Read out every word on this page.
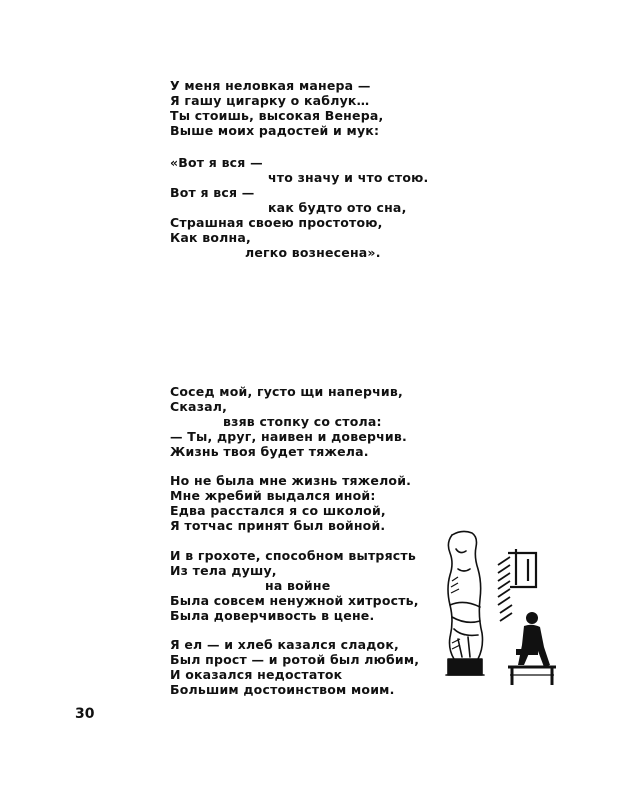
У меня неловкая манера —
Я гашу цигарку о каблук…
Ты стоишь, высокая Венера,
Выше моих радостей и мук:
«Вот я вся —
что значу и что стою.
Вот я вся —
как будто ото сна,
Страшная своею простотою,
Как волна,
легко вознесена».
Сосед мой, густо щи наперчив,
Сказал,
взяв стопку со стола:
— Ты, друг, наивен и доверчив.
Жизнь твоя будет тяжела.
Но не была мне жизнь тяжелой.
Мне жребий выдался иной:
Едва расстался я со школой,
Я тотчас принят был войной.
И в грохоте, способном вытрясть
Из тела душу,
на войне
Была совсем ненужной хитрость,
Была доверчивость в цене.
Я ел — и хлеб казался сладок,
Был прост — и ротой был любим,
И оказался недостаток
Большим достоинством моим.
30
